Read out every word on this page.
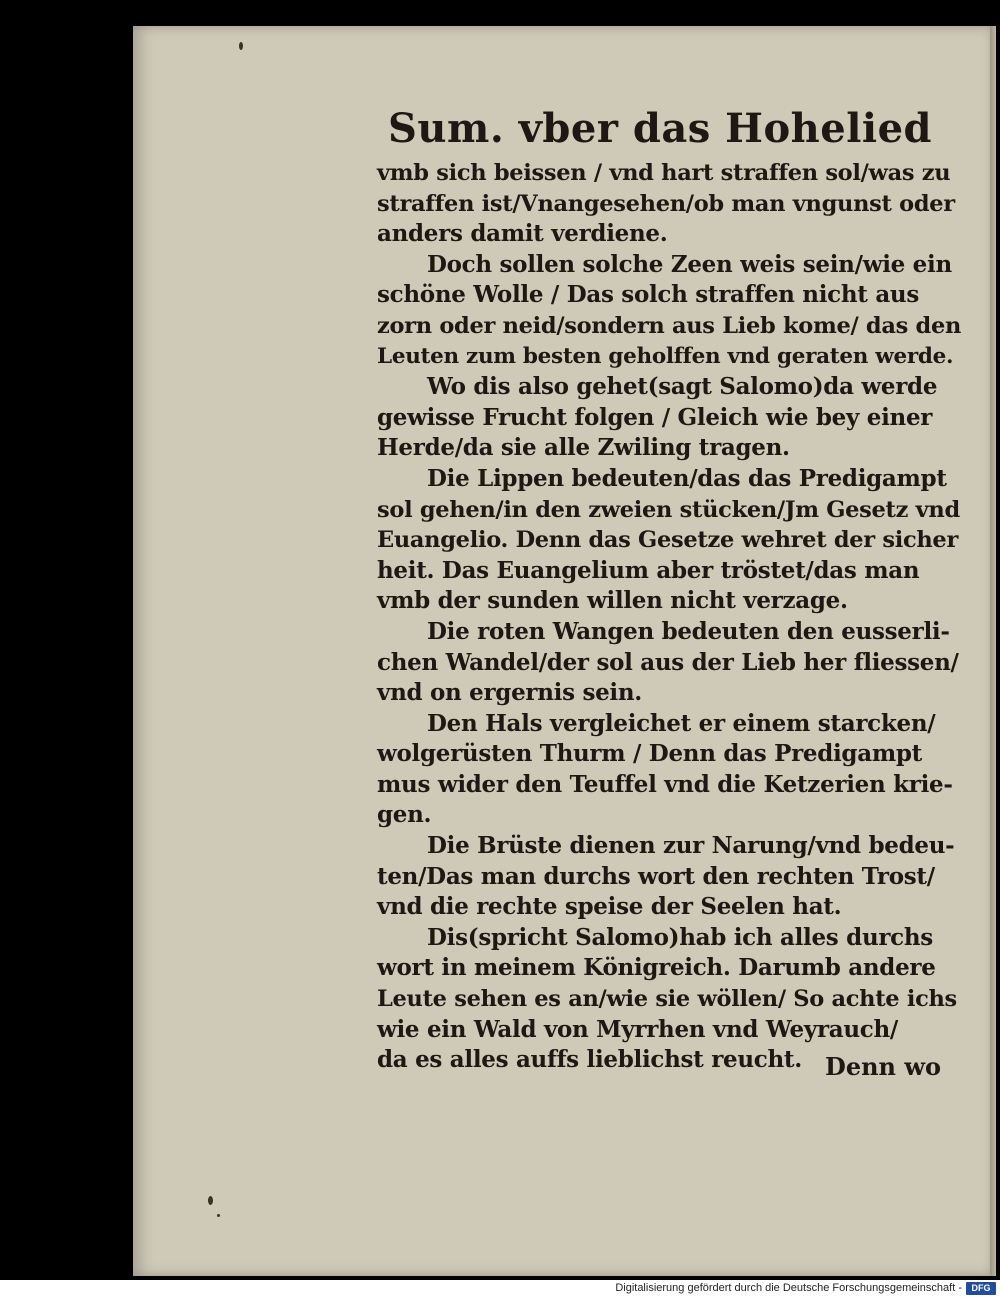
Sum. vber das Hohelied
vmb sich beissen / vnd hart straffen sol/was zu
straffen ist/Vnangesehen/ob man vngunst oder
anders damit verdiene.
Doch sollen solche Zeen weis sein/wie ein
schöne Wolle / Das solch straffen nicht aus
zorn oder neid/sondern aus Lieb kome/ das den
Leuten zum besten geholffen vnd geraten werde.
Wo dis also gehet(sagt Salomo)da werde
gewisse Frucht folgen / Gleich wie bey einer
Herde/da sie alle Zwiling tragen.
Die Lippen bedeuten/das das Predigampt
sol gehen/in den zweien stücken/Jm Gesetz vnd
Euangelio. Denn das Gesetze wehret der sicher
heit. Das Euangelium aber tröstet/das man
vmb der sunden willen nicht verzage.
Die roten Wangen bedeuten den eusserli-
chen Wandel/der sol aus der Lieb her fliessen/
vnd on ergernis sein.
Den Hals vergleichet er einem starcken/
wolgerüsten Thurm / Denn das Predigampt
mus wider den Teuffel vnd die Ketzerien krie-
gen.
Die Brüste dienen zur Narung/vnd bedeu-
ten/Das man durchs wort den rechten Trost/
vnd die rechte speise der Seelen hat.
Dis(spricht Salomo)hab ich alles durchs
wort in meinem Königreich. Darumb andere
Leute sehen es an/wie sie wöllen/ So achte ichs
wie ein Wald von Myrrhen vnd Weyrauch/
da es alles auffs lieblichst reucht. Denn wo
Digitalisierung gefördert durch die Deutsche Forschungsgemeinschaft -	DFG
